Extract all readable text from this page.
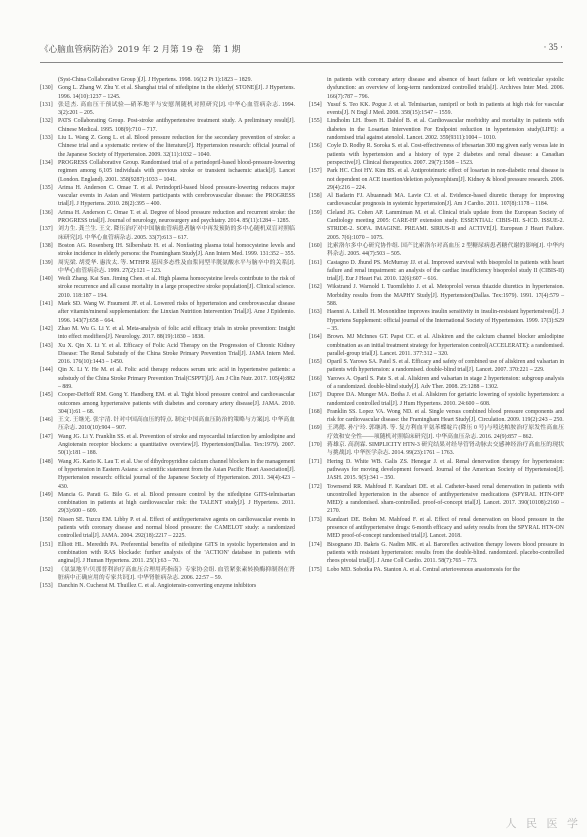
《心脑血管病防治》2019 年 2 月第 19 卷　第 1 期	· 35 ·

(Syst-China Collaborative Group )[J]. J Hypertens. 1998. 16(12 Pt 1):1823 – 1829.

[130] Gong L. Zhang W. Zhu Y. et al. Shanghai trial of nifedipine in the elderly( STONE)[J]. J Hypertens. 1996. 14(10):1237 – 1245.

[131] 张廷杰. 高血压干预试验—硝苯地平与安慰剂随机对照研究[J]. 中华心血管病杂志. 1994. 3(2):201 – 205.

[132] PATS Collaborating Group. Post-stroke antihypertensive treatment study. A preliminary result[J]. Chinese Medical. 1995. 108(9):710 – 717.

[133] Liu L. Wang Z. Gong L. et al. Blood pressure reduction for the secondary prevention of stroke: a Chinese trial and a systematic review of the literature[J]. Hypertension research: official journal of the Japanese Society of Hypertension. 2009. 32(11):1032 – 1040.

[134] PROGRESS Collaborative Group. Randomised trial of a perindopril-based blood-pressure-lowering regimen among 6,105 individuals with previous stroke or transient ischaemic attack[J]. Lancet (London. England). 2001. 358(9287):1033 – 1041.

[135] Arima H. Anderson C. Omae T. et al. Perindopril-based blood pressure-lowering reduces major vascular events in Asian and Western participants with cerebrovascular disease: the PROGRESS trial[J]. J Hypertens. 2010. 28(2):395 – 400.

[136] Arima H. Anderson C. Omae T. et al. Degree of blood pressure reduction and recurrent stroke: the PROGRESS trial[J]. Journal of neurology, neurosurgery and psychiatry. 2014. 85(11):1284 – 1285.

[137] 刘力生. 龚兰生. 王文. 降压治疗对中国脑血管病患者脑卒中再发预防的多中心随机双盲对照临床研究[J]. 中华心血管病杂志. 2005. 33(7):613 – 617.

[138] Boston AG. Rosenberg IH. Silbershatz H. et al. Nonfasting plasma total homocysteine levels and stroke incidence in elderly persons: the Framingham Study[J]. Ann Intern Med. 1999. 131:352 – 355.

[139] 周宪梁. 胡爱华. 惠汝太. 等. MTHFR 基因多态性及血浆同型半胱氨酸水平与脑卒中的关系[J]. 中华心血管病杂志. 1999. 27(2):121 – 123.

[140] Weili Zhang. Kai Sun. Jiming Chen. et al. High plasma homocysteine levels contribute to the risk of stroke recurrence and all cause mortality in a large prospective stroke population[J]. Clinical science. 2010. 118:187 – 194.

[141] Mark SD. Wang W. Fraumeni JF. et al. Lowered risks of hypertension and cerebrovascular disease after vitamin/mineral supplementation: the Linxian Nutrition Intervention Trial[J]. Ame J Epidemio. 1996. 143(7):658 – 664.

[142] Zhao M. Wu G. Li Y. et al. Meta-analysis of folic acid efficacy trials in stroke prevention: Insight into effect modifiers[J]. Neurology. 2017. 88(19):1830 – 1838.

[143] Xu X. Qin X. Li Y. et al. Efficacy of Folic Acid Therapy on the Progression of Chronic Kidney Disease: The Renal Substudy of the China Stroke Primary Prevention Trial[J]. JAMA Intern Med. 2016. 176(10):1443 – 1450.

[144] Qin X. Li Y. He M. et al. Folic acid therapy reduces serum uric acid in hypertensive patients: a substudy of the China Stroke Primary Prevention Trial(CSPPT)[J]. Am J Clin Nutr. 2017. 105(4):882 – 889.

[145] Cooper-DeHoff RM. Gong Y. Handberg EM. et al. Tight blood pressure control and cardiovascular outcomes among hypertensive patients with diabetes and coronary artery disease[J]. JAMA. 2010. 304(1):61 – 68.

[146] 王文. 王继光. 张宇清. 针对中国高血压的特点. 制定中国高血压防治的策略与方案[J]. 中华高血压杂志. 2010(10):904 – 907.

[147] Wang JG. Li Y. Franklin SS. et al. Prevention of stroke and myocardial infarction by amlodipine and Angiotensin receptor blockers: a quantitative overview[J]. Hypertension(Dallas. Tex:1979). 2007. 50(1):181 – 188.

[148] Wang JG. Kario K. Lau T. et al. Use of dihydropyridine calcium channel blockers in the management of hypertension in Eastern Asians: a scientific statement from the Asian Pacific Heart Association[J]. Hypertension research: official journal of the Japanese Society of Hypertension. 2011. 34(4):423 – 430.

[149] Mancia G. Parati G. Bilo G. et al. Blood pressure control by the nifedipine GITS-telmisartan combination in patients at high cardiovascular risk: the TALENT study[J]. J Hypertens. 2011. 29(3):600 – 609.

[150] Nissen SE. Tuzcu EM. Libby P. et al. Effect of antihypertensive agents on cardiovascular events in patients with coronary disease and normal blood pressure: the CAMELOT study: a randomized controlled trial[J]. JAMA. 2004. 292(18):2217 – 2225.

[151] Elliott HL. Meredith PA. Preferential benefits of nifedipine GITS in systolic hypertension and in combination with RAS blockade: further analysis of the 'ACTION' database in patients with angina[J]. J Human Hypertens. 2011. 25(1):63 – 70.

[152] 《氨氯地平/贝那普利治疗高血压合理用药指南》专家协会组. 血管紧张素转换酶抑制剂在肾脏病中正确应用的专家共识[J]. 中华肾脏病杂志. 2006. 22:57 – 59.

[153] Danchin N. Cucherat M. Thuillez C. et al. Angiotensin-converting enzyme inhibitors

in patients with coronary artery disease and absence of heart failure or left ventricular systolic dysfunction: an overview of long-term randomized controlled trials[J]. Archives Inter Med. 2006. 166(7):787 – 796.

[154] Yusuf S. Teo KK. Pogue J. et al. Telmisartan, ramipril or both in patients at high risk for vascular events[J]. N Engl J Med. 2008. 358(15):1547 – 1559.

[155] Lindholm LH. Ibsen H. Dahlof B. et al. Cardiovascular morbidity and mortality in patients with diabetes in the Losartan Intervention For Endpoint reduction in hypertension study(LIFE): a randomised trial against atenolol. Lancet. 2002. 359(9311):1004 – 1010.

[156] Coyle D. Rodby R. Soroka S. et al. Cost-effectiveness of irbesartan 300 mg given early versus late in patients with hypertension and a history of type 2 diabetes and renal disease: a Canadian perspective[J]. Clinical therapeutics. 2007. 29(7):1508 – 1523.

[157] Park HC. Choi HY. Kim BS. et al. Antiproteinuric effect of losartan in non-diabetic renal disease is not dependent on ACE insertion/deletion polymorphism[J]. Kidney & blood pressure research. 2006. 29(4):216 – 224.

[158] Al Badarin FJ. Abuannadi MA. Lavie CJ. et al. Evidence-based diuretic therapy for improving cardiovascular prognosis in systemic hypertension[J]. Am J Cardio. 2011. 107(8):1178 – 1184.

[159] Cleland JG. Cohen AP. Lammiman M. et al. Clinical trials update from the European Society of Cardiology meeting 2005: CARE-HF extension study. ESSENTIAL: CIBIS-III. S-ICD. ISSUE-2. STRIDE-2. SOFA. IMAGINE. PREAMI. SIRIUS-II and ACTIVE[J]. European J Heart Failure. 2005. 7(6):1070 – 1075.

[160] 比索洛尔多中心研究协作组. 国产比索洛尔对高血压 2 型糖尿病患者糖代谢的影响[J]. 中华内科杂志. 2005. 44(7):503 – 505.

[161] Castagno D. Jhund PS. McMurray JJ. et al. Improved survival with bisoprolol in patients with heart failure and renal impairment: an analysis of the cardiac insufficiency bisoprolol study II (CIBIS-II) trial[J]. Eur J Heart Fai. 2010. 12(6):607 – 616.

[162] Wikstrand J. Warnold I. Tuomilehto J. et al. Metoprolol versus thiazide diuretics in hypertension. Morbidity results from the MAPHY Study[J]. Hypertension(Dallas. Tex:1979). 1991. 17(4):579 – 588.

[163] Haenni A. Lithell H. Moxonidine improves insulin sensitivity in insulin-resistant hypertensives[J]. J Hypertens Supplement: official journal of the International Society of Hypertension. 1999. 17(3):S29 – 35.

[164] Brown. MJ McInnes GT. Papst CC. et al. Aliskiren and the calcium channel blocker amlodipine combination as an initial treatment strategy for hypertension control(ACCELERATE): a randomised. parallel-group trial[J]. Lancet. 2011. 377:312 – 320.

[165] Oparil S. Yarows SA. Patel S. et al. Efficacy and safety of combined use of aliskiren and valsartan in patients with hypertension: a randomised. double-blind trial[J]. Lancet. 2007. 370:221 – 229.

[166] Yarows A. Oparil S. Pate S. et al. Aliskiren and valsartan in stage 2 hypertension: subgroup analysis of a randomized. double-blind study[J]. Adv Ther. 2008. 25:1288 – 1302.

[167] Dupree DA. Munger MA. Botha J. et al. Aliskiren for geriatric lowering of systolic hypertension: a randomized controlled trial[J]. J Hum Hypertens. 2010. 24:600 – 608.

[168] Franklin SS. Lopez VA. Wong ND. et al. Single versus combined blood pressure components and risk for cardiovascular disease: the Framingham Heart Study[J]. Circulation. 2009. 119(2):243 – 250.

[169] 王鸿懿. 孙宁玲. 郭继鸿. 等. 复方利血平氨苯蝶啶片(降压 0 号)与吲达帕胺治疗原发性高血压疗效和安全性——项随机对照临床研究[J]. 中华高血压杂志. 2016. 24(9):857 – 862.

[170] 蒋雄京. 高润霖. SIMPLICITY HTN-3 研究结果对经导管肾动脉去交感神经治疗高血压的现状与挑战[J]. 中华医学杂志. 2014. 99(23):1761 – 1763.

[171] Hering D. White WB. Galis ZS. Henegar J. et al. Renal denervation therapy for hypertension: pathways for moving development forward. Journal of the American Society of Hypertension[J]. JASH. 2015. 9(5):341 – 350.

[172] Townsend RR. Mahfoud F. Kandzari DE. et al. Catheter-based renal denervation in patients with uncontrolled hypertension in the absence of antihypertensive medications (SPYRAL HTN-OFF MED): a randomised. sham-controlled. proof-of-concept trial[J]. Lancet. 2017. 390(10108):2160 – 2170.

[173] Kandzari DE. Bohm M. Mahfoud F. et al. Effect of renal denervation on blood pressure in the presence of antihypertensive drugs: 6-month efficacy and safety results from the SPYRAL HTN-ON MED proof-of-concept randomised trial[J]. Lancet. 2018.

[174] Bisognano JD. Bakris G. Nadim MK. et al. Baroreflex activation therapy lowers blood pressure in patients with resistant hypertension: results from the double-blind. randomized. placebo-controlled rheos pivotal trial[J]. J Ame Coll Cardio. 2011. 58(7):765 – 773.

[175] Lobo MD. Sobotka PA. Stanton A. et al. Central arteriovenous anastomosis for the

人 民 医 学
